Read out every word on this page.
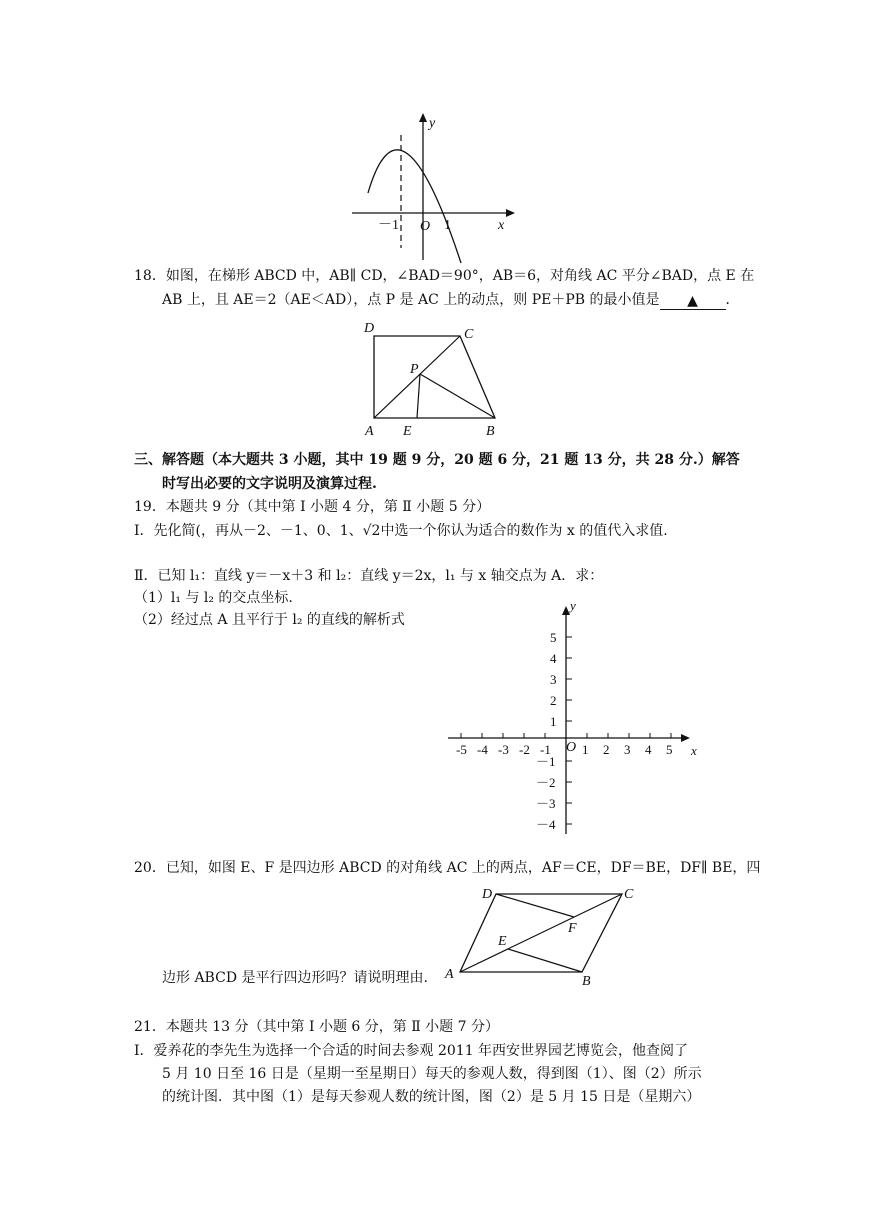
y
x
O
－1	1
18．如图，在梯形 ABCD 中，AB∥ CD，∠BAD＝90°，AB＝6，对角线 AC 平分∠BAD，点 E 在
AB 上，且 AE＝2（AE＜AD），点 P 是 AC 上的动点，则 PE＋PB 的最小值是 ▲ ．
D	C
P
A E	B
三、解答题（本大题共 3 小题，其中 19 题 9 分，20 题 6 分，21 题 13 分，共 28 分.）解答
时写出必要的文字说明及演算过程.
19．本题共 9 分（其中第 Ⅰ 小题 4 分，第 Ⅱ 小题 5 分）
Ⅰ．先化简(，再从－2、－1、0、1、√2中选一个你认为适合的数作为 x 的值代入求值.
Ⅱ．已知 l₁：直线 y＝－x＋3 和 l₂：直线 y＝2x，l₁ 与 x 轴交点为 A．求：
（1）l₁ 与 l₂ 的交点坐标.
（2）经过点 A 且平行于 l₂ 的直线的解析式
-5 -4 -3 -2 -1 1 2 3 4 5
5
4
3
2
1
－1
－2
－3
－4
y
x
O
20．已知，如图 E、F 是四边形 ABCD 的对角线 AC 上的两点，AF＝CE，DF＝BE，DF∥ BE，四
D	C
F
E
A	B
边形 ABCD 是平行四边形吗？请说明理由.
21．本题共 13 分（其中第 Ⅰ 小题 6 分，第 Ⅱ 小题 7 分）
Ⅰ．爱养花的李先生为选择一个合适的时间去参观 2011 年西安世界园艺博览会，他查阅了
5 月 10 日至 16 日是（星期一至星期日）每天的参观人数，得到图（1）、图（2）所示
的统计图．其中图（1）是每天参观人数的统计图，图（2）是 5 月 15 日是（星期六）
